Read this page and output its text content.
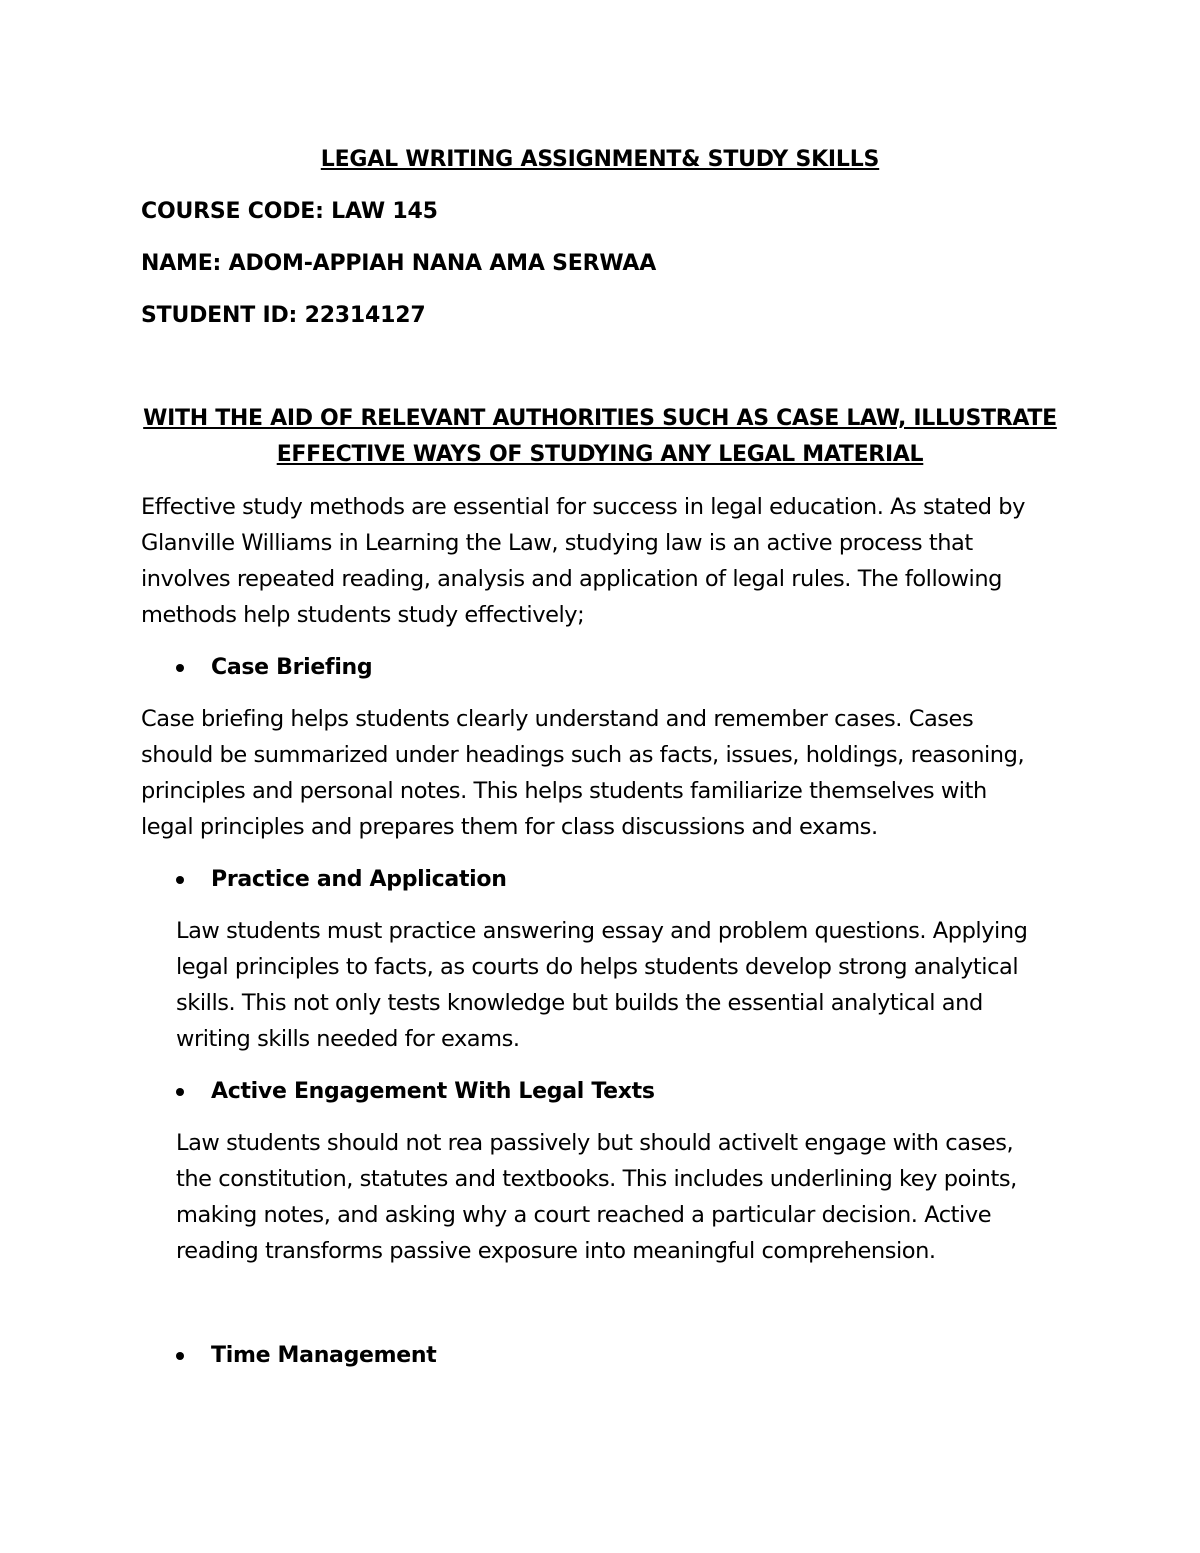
LEGAL WRITING ASSIGNMENT& STUDY SKILLS
COURSE CODE: LAW 145
NAME: ADOM-APPIAH NANA AMA SERWAA
STUDENT ID: 22314127
WITH THE AID OF RELEVANT AUTHORITIES SUCH AS CASE LAW, ILLUSTRATE
EFFECTIVE WAYS OF STUDYING ANY LEGAL MATERIAL
Effective study methods are essential for success in legal education. As stated by
Glanville Williams in Learning the Law, studying law is an active process that
involves repeated reading, analysis and application of legal rules. The following
methods help students study effectively;
Case Briefing
Case briefing helps students clearly understand and remember cases. Cases
should be summarized under headings such as facts, issues, holdings, reasoning,
principles and personal notes. This helps students familiarize themselves with
legal principles and prepares them for class discussions and exams.
Practice and Application
Law students must practice answering essay and problem questions. Applying
legal principles to facts, as courts do helps students develop strong analytical
skills. This not only tests knowledge but builds the essential analytical and
writing skills needed for exams.
Active Engagement With Legal Texts
Law students should not rea passively but should activelt engage with cases,
the constitution, statutes and textbooks. This includes underlining key points,
making notes, and asking why a court reached a particular decision. Active
reading transforms passive exposure into meaningful comprehension.
Time Management
